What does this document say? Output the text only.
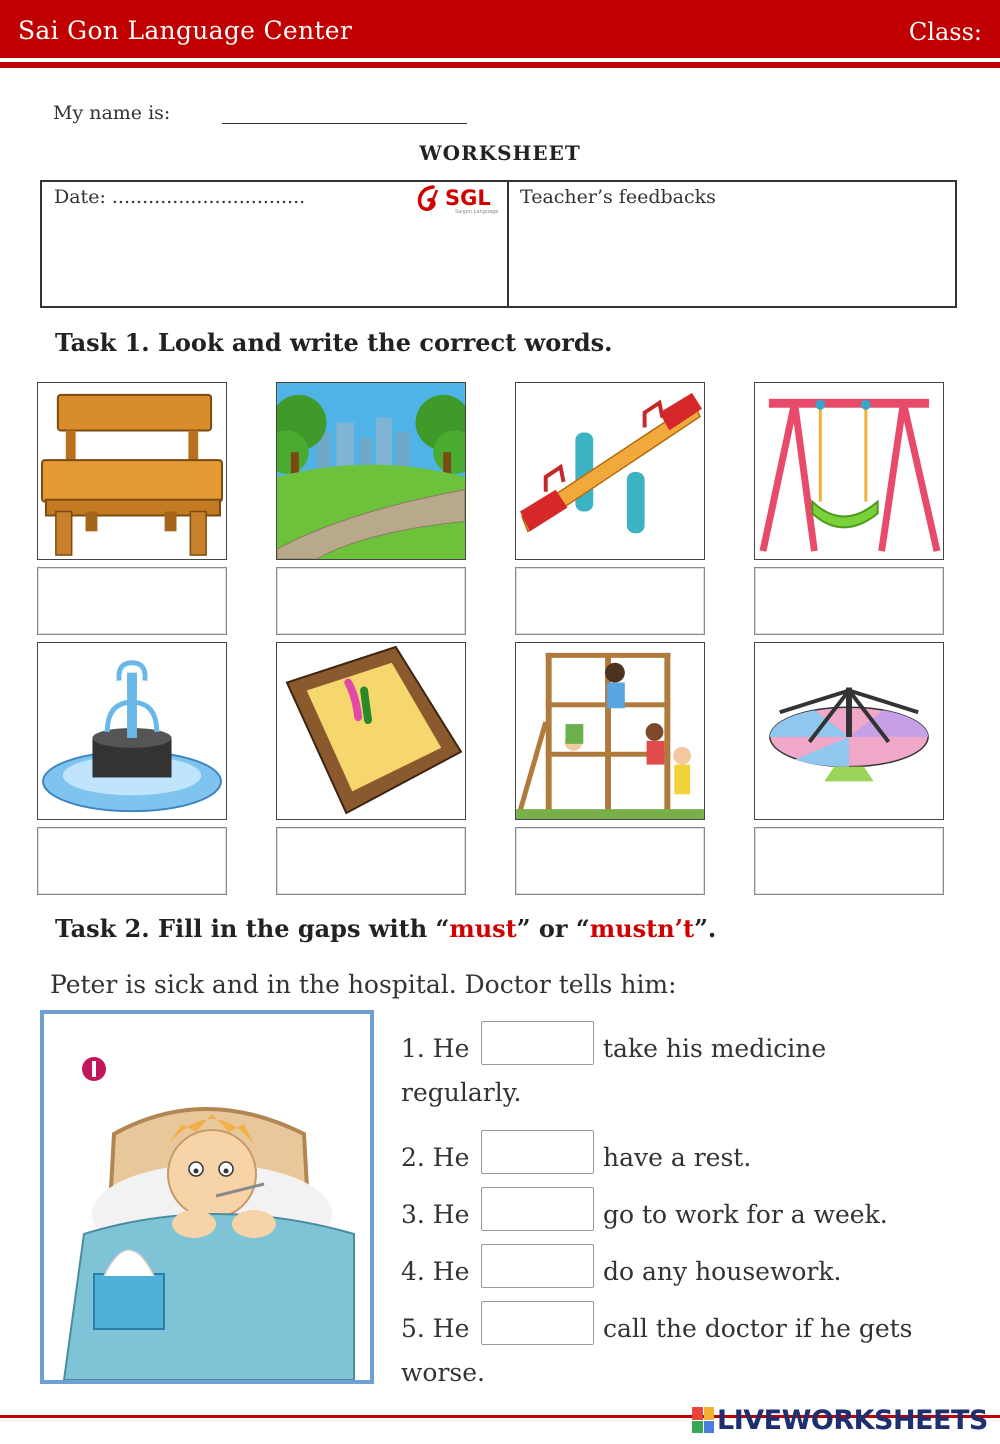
Sai Gon Language Center	Class:
My name is:
WORKSHEET
Date: ................................	SGL
Saigon Language
Teacher’s feedbacks
Task 1. Look and write the correct words.
Task 2. Fill in the gaps with “must” or “mustn’t”.
Peter is sick and in the hospital. Doctor tells him:
1. He	take his medicine
regularly.
2. He	have a rest.
3. He	go to work for a week.
4. He	do any housework.
5. He	call the doctor if he gets
worse.
LIVEWORKSHEETS
